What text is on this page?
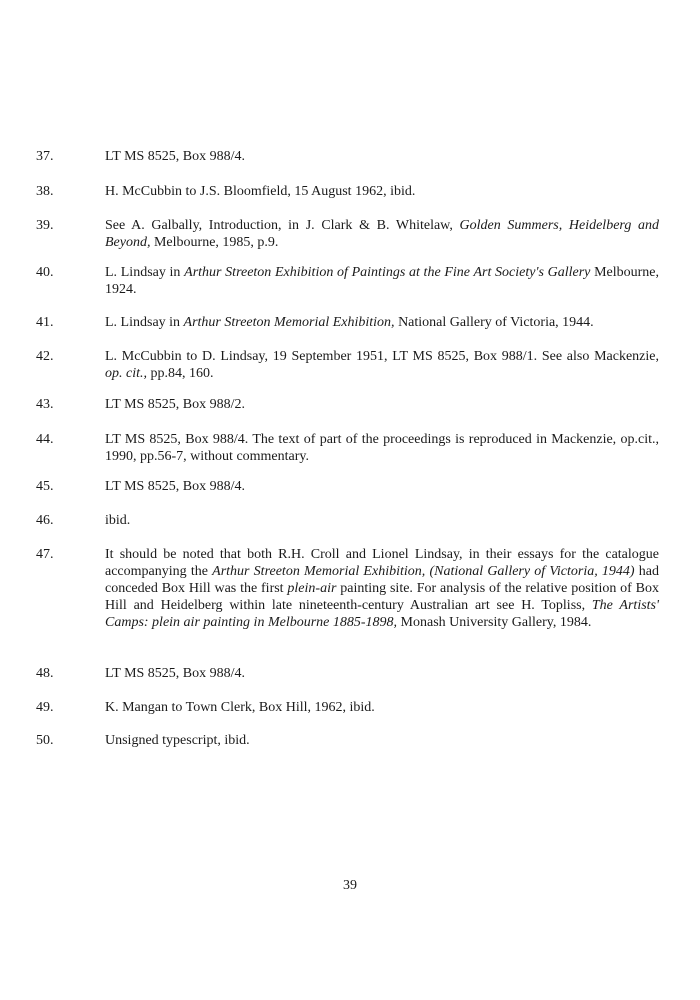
37.	LT MS 8525, Box 988/4.
38.	H. McCubbin to J.S. Bloomfield, 15 August 1962, ibid.
39.	See A. Galbally, Introduction, in J. Clark & B. Whitelaw, Golden Summers, Heidelberg and Beyond, Melbourne, 1985, p.9.
40.	L. Lindsay in Arthur Streeton Exhibition of Paintings at the Fine Art Society's Gallery Melbourne, 1924.
41.	L. Lindsay in Arthur Streeton Memorial Exhibition, National Gallery of Victoria, 1944.
42.	L. McCubbin to D. Lindsay, 19 September 1951, LT MS 8525, Box 988/1. See also Mackenzie, op. cit., pp.84, 160.
43.	LT MS 8525, Box 988/2.
44.	LT MS 8525, Box 988/4. The text of part of the proceedings is reproduced in Mackenzie, op.cit., 1990, pp.56-7, without commentary.
45.	LT MS 8525, Box 988/4.
46.	ibid.
47.	It should be noted that both R.H. Croll and Lionel Lindsay, in their essays for the catalogue accompanying the Arthur Streeton Memorial Exhibition, (National Gallery of Victoria, 1944) had conceded Box Hill was the first plein-air painting site. For analysis of the relative position of Box Hill and Heidelberg within late nineteenth-century Australian art see H. Topliss, The Artists' Camps: plein air painting in Melbourne 1885-1898, Monash University Gallery, 1984.
48.	LT MS 8525, Box 988/4.
49.	K. Mangan to Town Clerk, Box Hill, 1962, ibid.
50.	Unsigned typescript, ibid.
39
